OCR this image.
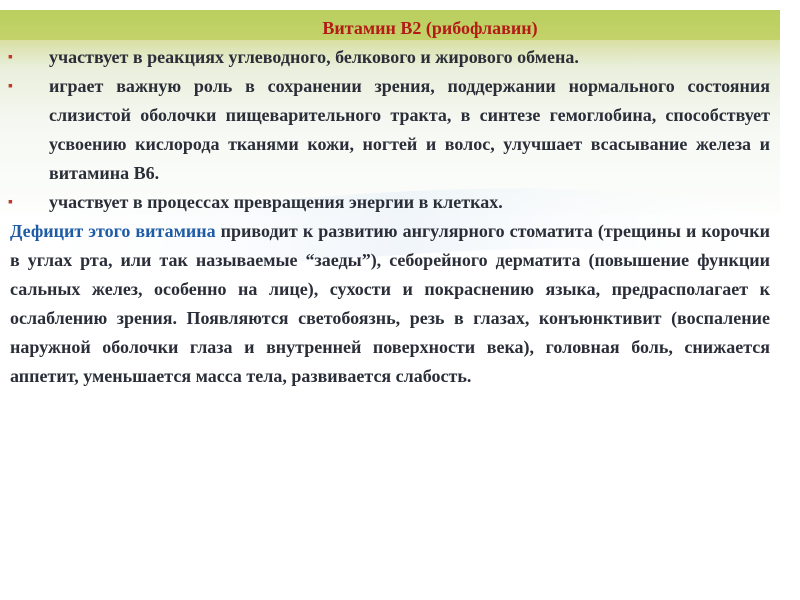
Витамин В2 (рибофлавин)
▪	участвует в реакциях углеводного, белкового и жирового обмена.
▪	играет важную роль в сохранении зрения, поддержании нормального состояния слизистой оболочки пищеварительного тракта, в синтезе гемоглобина, способствует усвоению кислорода тканями кожи, ногтей и волос, улучшает всасывание железа и витамина В6.
▪	участвует в процессах превращения энергии в клетках.

Дефицит этого витамина приводит к развитию ангулярного стоматита (трещины и корочки в углах рта, или так называемые “заеды”), себорейного дерматита (повышение функции сальных желез, особенно на лице), сухости и покраснению языка, предрасполагает к ослаблению зрения. Появляются светобоязнь, резь в глазах, конъюнктивит (воспаление наружной оболочки глаза и внутренней поверхности века), головная боль, снижается аппетит, уменьшается масса тела, развивается слабость.
